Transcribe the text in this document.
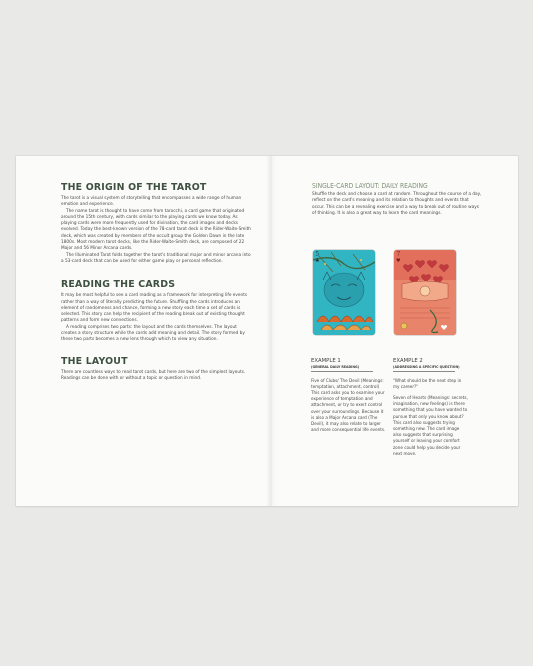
THE ORIGIN OF THE TAROT

The tarot is a visual system of storytelling that encompasses a wide range of human emotion and experience.

The name tarot is thought to have come from tarocchi, a card game that originated around the 15th century, with cards similar to the playing cards we know today. As playing cards were more frequently used for divination, the card images and decks evolved. Today the best-known version of the 78-card tarot deck is the Rider-Waite-Smith deck, which was created by members of the occult group the Golden Dawn in the late 1800s. Most modern tarot decks, like the Rider-Waite-Smith deck, are composed of 22 Major and 56 Minor Arcana cards.

The Illuminated Tarot folds together the tarot's traditional major and minor arcana into a 53-card deck that can be used for either game play or personal reflection.

READING THE CARDS

It may be most helpful to see a card reading as a framework for interpreting life events rather than a way of literally predicting the future. Shuffling the cards introduces an element of randomness and chance, forming a new story each time a set of cards is selected. This story can help the recipient of the reading break out of existing thought patterns and form new connections.

A reading comprises two parts: the layout and the cards themselves. The layout creates a story structure while the cards add meaning and detail. The story formed by these two parts becomes a new lens through which to view any situation.

THE LAYOUT

There are countless ways to read tarot cards, but here are two of the simplest layouts. Readings can be done with or without a topic or question in mind.

SINGLE-CARD LAYOUT: DAILY READING

Shuffle the deck and choose a card at random. Throughout the course of a day, reflect on the card's meaning and its relation to thoughts and events that occur. This can be a revealing exercise and a way to break out of routine ways of thinking. It is also a great way to learn the card meanings.

5
♣
7
♥
EXAMPLE 1
(GENERAL DAILY READING)

Five of Clubs/ The Devil (Meanings: temptation, attachment, control) This card asks you to examine your experience of temptation and attachment, or try to exert control over your surroundings. Because it is also a Major Arcana card (The Devil), it may also relate to larger and more consequential life events.

EXAMPLE 2
(ADDRESSING A SPECIFIC QUESTION)

"What should be the next step in my career?"

Seven of Hearts (Meanings: secrets, imagination, new feelings) is there something that you have wanted to pursue that only you know about? This card also suggests trying something new. The card image also suggests that surprising yourself or leaving your comfort zone could help you decide your next move.
